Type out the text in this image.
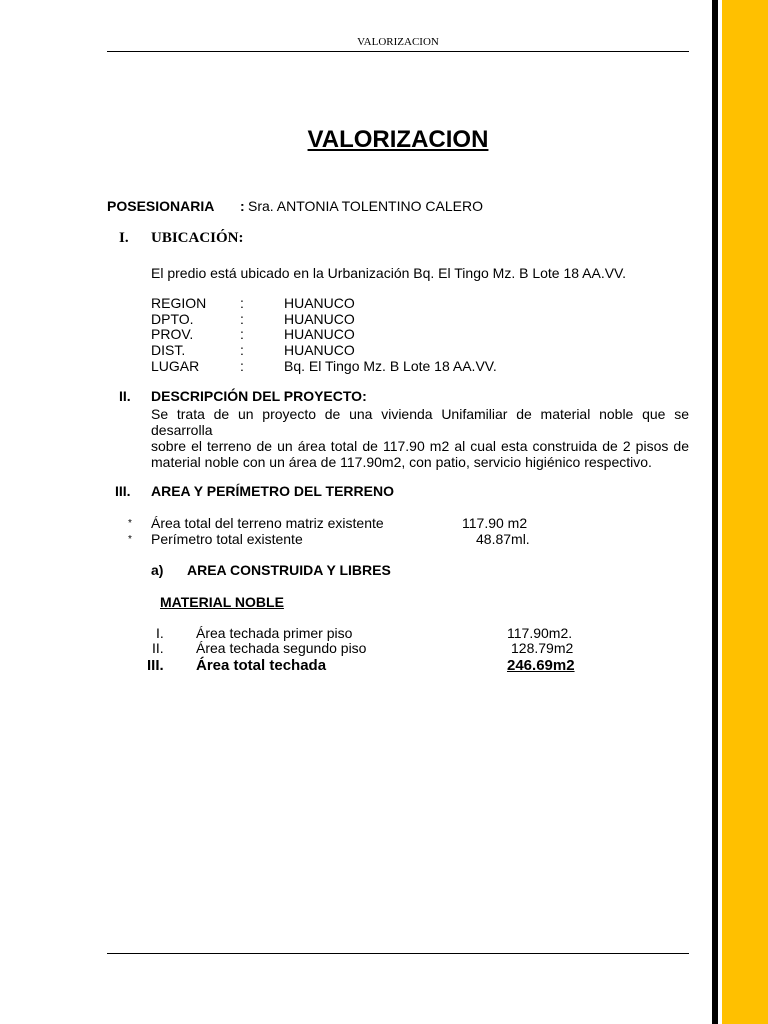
VALORIZACION
VALORIZACION
POSESIONARIA : Sra. ANTONIA TOLENTINO CALERO
I. UBICACIÓN:
El predio está ubicado en la Urbanización Bq. El Tingo Mz. B Lote 18 AA.VV.
REGION :	HUANUCO
DPTO.	:	HUANUCO
PROV.	:	HUANUCO
DIST.	:	HUANUCO
LUGAR	:	Bq. El Tingo Mz. B Lote 18 AA.VV.
II. DESCRIPCIÓN DEL PROYECTO:
Se trata de un proyecto de una vivienda Unifamiliar de material noble que se desarrolla
sobre el terreno de un área total de 117.90 m2 al cual esta construida de 2 pisos de
material noble con un área de 117.90m2, con patio, servicio higiénico respectivo.
III. AREA Y PERÍMETRO DEL TERRENO
* Área total del terreno matriz existente	117.90 m2
* Perímetro total existente	48.87ml.
a) AREA CONSTRUIDA Y LIBRES
MATERIAL NOBLE
I. Área techada primer piso	117.90m2.
II. Área techada segundo piso	128.79m2
III. Área total techada	246.69m2
